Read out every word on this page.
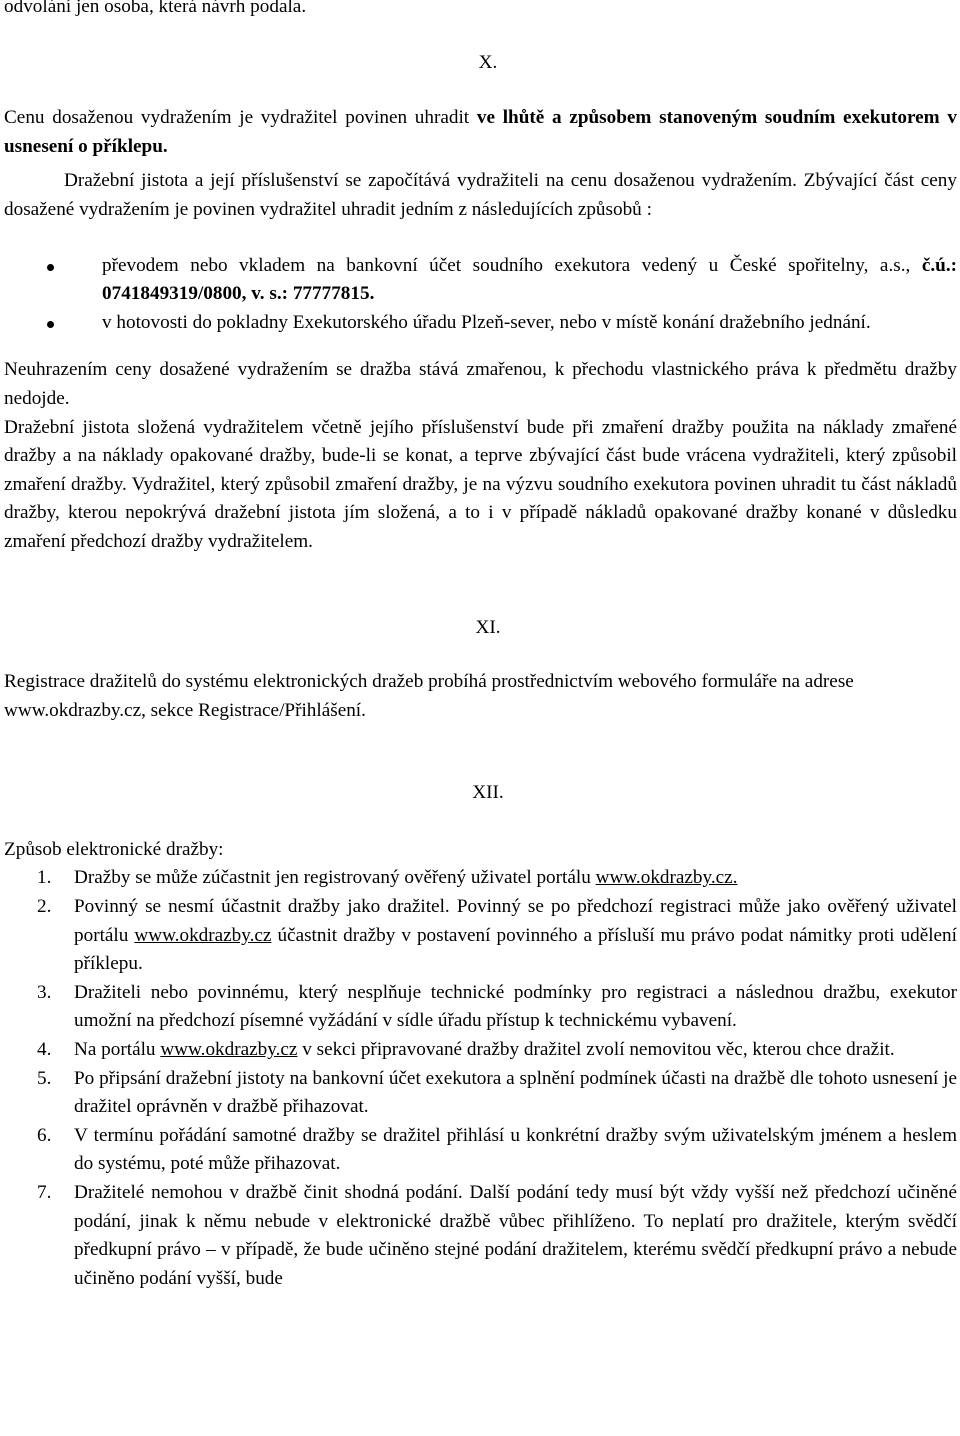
odvolání jen osoba, která návrh podala.

X.

Cenu dosaženou vydražením je vydražitel povinen uhradit ve lhůtě a způsobem stanoveným soudním exekutorem v usnesení o příklepu.

Dražební jistota a její příslušenství se započítává vydražiteli na cenu dosaženou vydražením. Zbývající část ceny dosažené vydražením je povinen vydražitel uhradit jedním z následujících způsobů :

převodem nebo vkladem na bankovní účet soudního exekutora vedený u České spořitelny, a.s., č.ú.: 0741849319/0800, v. s.: 77777815.
v hotovosti do pokladny Exekutorského úřadu Plzeň-sever, nebo v místě konání dražebního jednání.

Neuhrazením ceny dosažené vydražením se dražba stává zmařenou, k přechodu vlastnického práva k předmětu dražby nedojde.

Dražební jistota složená vydražitelem včetně jejího příslušenství bude při zmaření dražby použita na náklady zmařené dražby a na náklady opakované dražby, bude-li se konat, a teprve zbývající část bude vrácena vydražiteli, který způsobil zmaření dražby. Vydražitel, který způsobil zmaření dražby, je na výzvu soudního exekutora povinen uhradit tu část nákladů dražby, kterou nepokrývá dražební jistota jím složená, a to i v případě nákladů opakované dražby konané v důsledku zmaření předchozí dražby vydražitelem.

XI.

Registrace dražitelů do systému elektronických dražeb probíhá prostřednictvím webového formuláře na adrese www.okdrazby.cz, sekce Registrace/Přihlášení.

XII.

Způsob elektronické dražby:

1. Dražby se může zúčastnit jen registrovaný ověřený uživatel portálu www.okdrazby.cz.
2. Povinný se nesmí účastnit dražby jako dražitel. Povinný se po předchozí registraci může jako ověřený uživatel portálu www.okdrazby.cz účastnit dražby v postavení povinného a přísluší mu právo podat námitky proti udělení příklepu.
3. Dražiteli nebo povinnému, který nesplňuje technické podmínky pro registraci a následnou dražbu, exekutor umožní na předchozí písemné vyžádání v sídle úřadu přístup k technickému vybavení.
4. Na portálu www.okdrazby.cz v sekci připravované dražby dražitel zvolí nemovitou věc, kterou chce dražit.
5. Po připsání dražební jistoty na bankovní účet exekutora a splnění podmínek účasti na dražbě dle tohoto usnesení je dražitel oprávněn v dražbě přihazovat.
6. V termínu pořádání samotné dražby se dražitel přihlásí u konkrétní dražby svým uživatelským jménem a heslem do systému, poté může přihazovat.
7. Dražitelé nemohou v dražbě činit shodná podání. Další podání tedy musí být vždy vyšší než předchozí učiněné podání, jinak k němu nebude v elektronické dražbě vůbec přihlíženo. To neplatí pro dražitele, kterým svědčí předkupní právo – v případě, že bude učiněno stejné podání dražitelem, kterému svědčí předkupní právo a nebude učiněno podání vyšší, bude
